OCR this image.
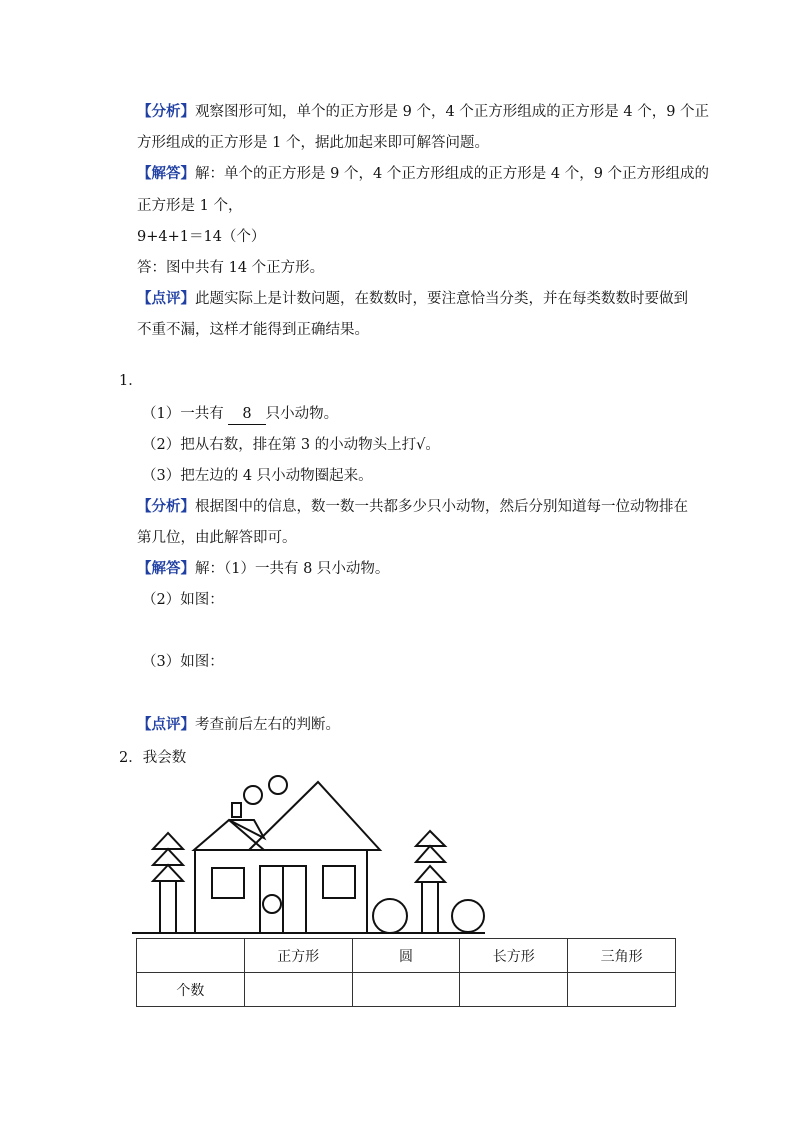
【分析】观察图形可知，单个的正方形是 9 个，4 个正方形组成的正方形是 4 个，9 个正
方形组成的正方形是 1 个，据此加起来即可解答问题。
【解答】解：单个的正方形是 9 个，4 个正方形组成的正方形是 4 个，9 个正方形组成的
正方形是 1 个，
9+4+1＝14（个）
答：图中共有 14 个正方形。
【点评】此题实际上是计数问题，在数数时，要注意恰当分类，并在每类数数时要做到
不重不漏，这样才能得到正确结果。
1．
（1）一共有 8 只小动物。
（2）把从右数，排在第 3 的小动物头上打√。
（3）把左边的 4 只小动物圈起来。
【分析】根据图中的信息，数一数一共都多少只小动物，然后分别知道每一位动物排在
第几位，由此解答即可。
【解答】解：（1）一共有 8 只小动物。
（2）如图：
（3）如图：
【点评】考查前后左右的判断。
2．我会数
	正方形	圆	长方形	三角形
个数				
